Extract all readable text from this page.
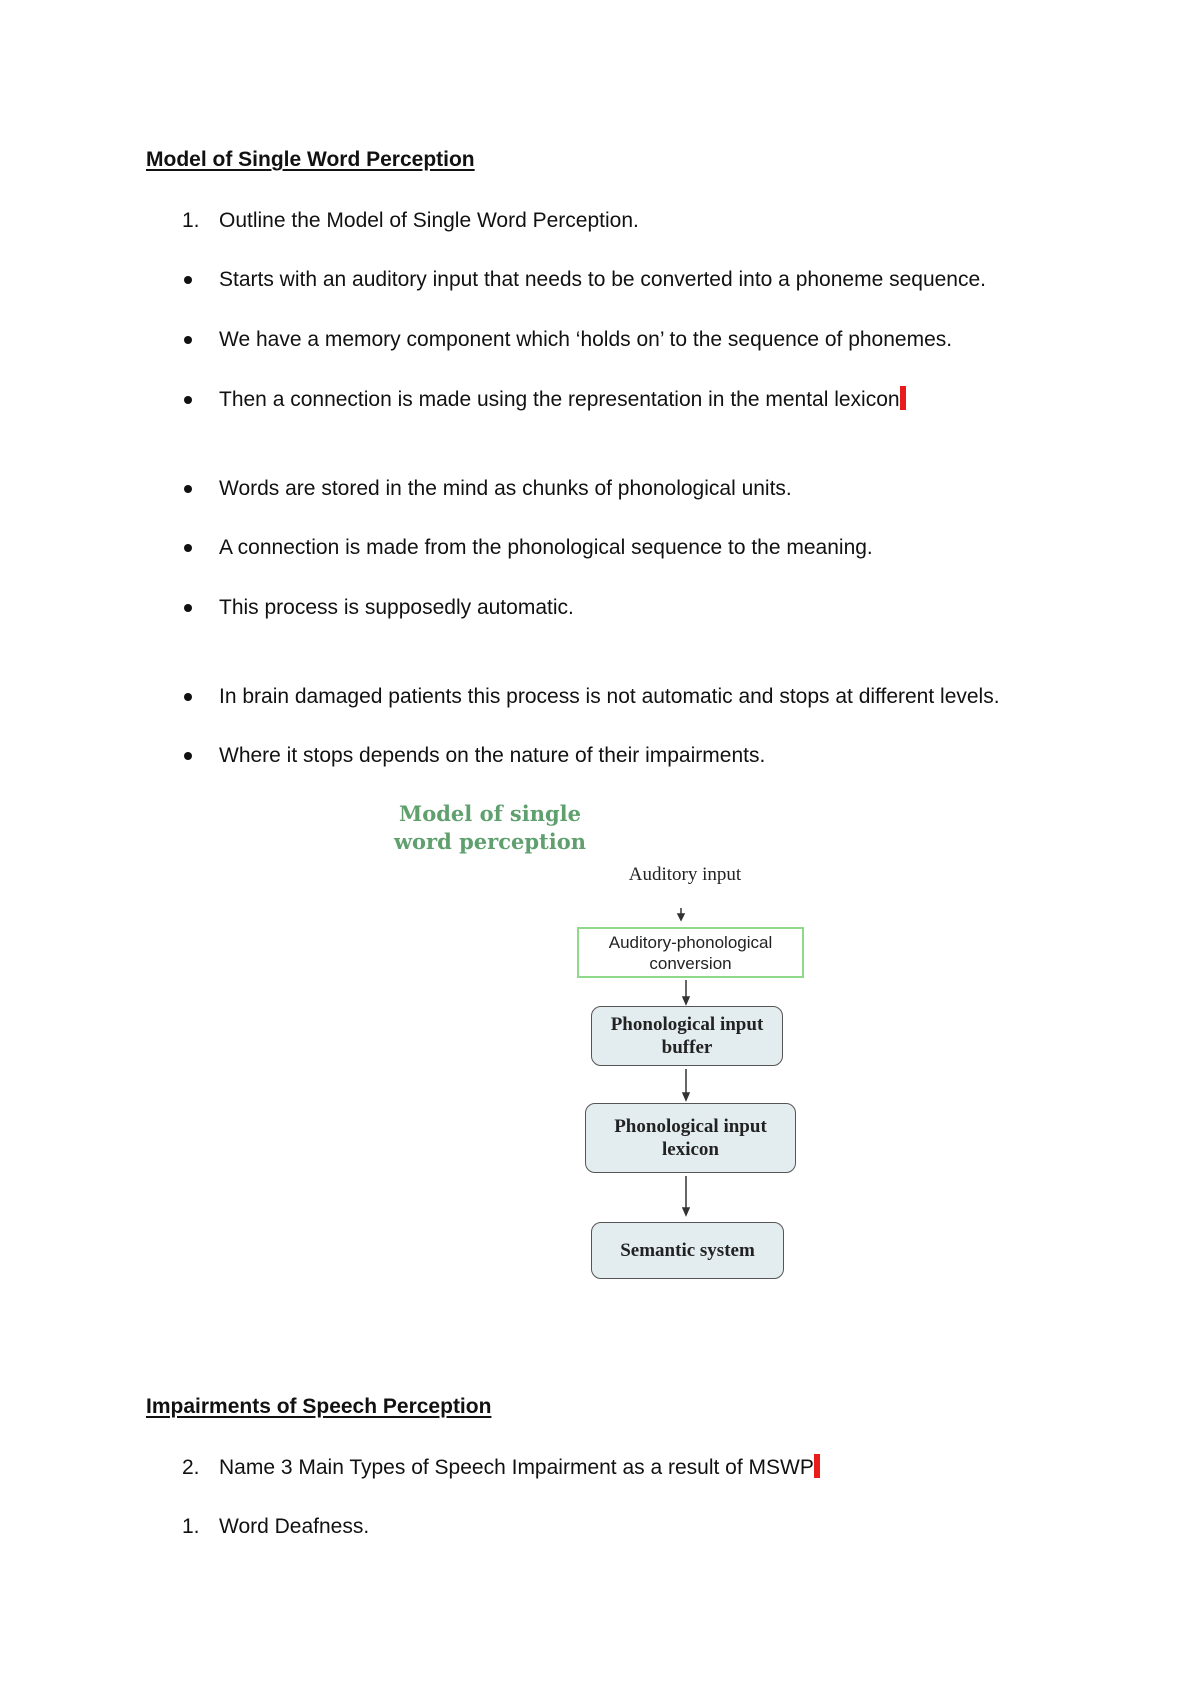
Model of Single Word Perception
1. Outline the Model of Single Word Perception.
Starts with an auditory input that needs to be converted into a phoneme sequence.
We have a memory component which ‘holds on’ to the sequence of phonemes.
Then a connection is made using the representation in the mental lexicon
Words are stored in the mind as chunks of phonological units.
A connection is made from the phonological sequence to the meaning.
This process is supposedly automatic.
In brain damaged patients this process is not automatic and stops at different levels.
Where it stops depends on the nature of their impairments.
Model of single
word perception
Auditory input
Auditory-phonological
conversion
Phonological input
buffer
Phonological input
lexicon
Semantic system
Impairments of Speech Perception
2. Name 3 Main Types of Speech Impairment as a result of MSWP
1. Word Deafness.
